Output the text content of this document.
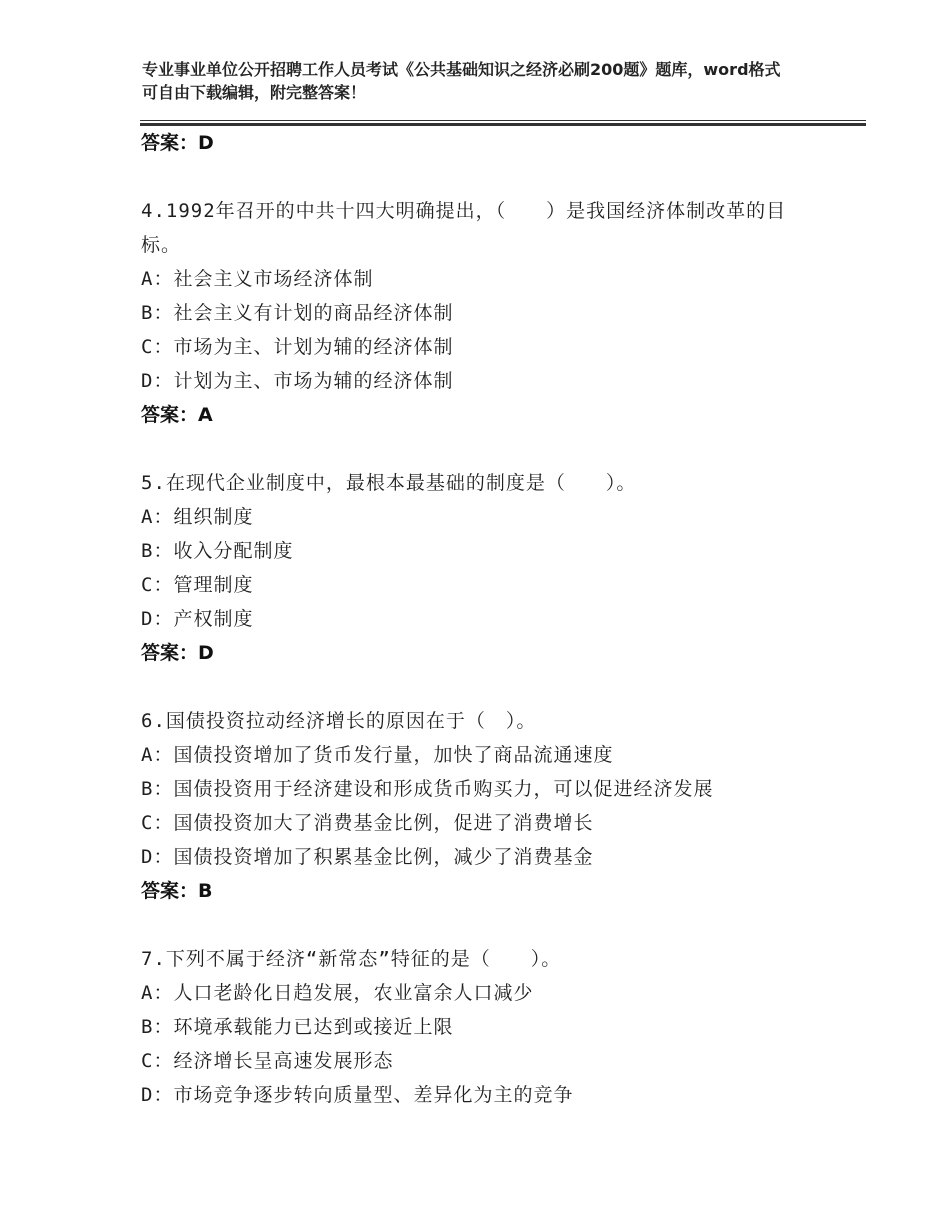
专业事业单位公开招聘工作人员考试《公共基础知识之经济必刷200题》题库，word格式可自由下载编辑，附完整答案！
答案：D
4.1992年召开的中共十四大明确提出，（　　）是我国经济体制改革的目标。
A：社会主义市场经济体制
B：社会主义有计划的商品经济体制
C：市场为主、计划为辅的经济体制
D：计划为主、市场为辅的经济体制
答案：A
5.在现代企业制度中，最根本最基础的制度是（　　）。
A：组织制度
B：收入分配制度
C：管理制度
D：产权制度
答案：D
6.国债投资拉动经济增长的原因在于（　）。
A：国债投资增加了货币发行量，加快了商品流通速度
B：国债投资用于经济建设和形成货币购买力，可以促进经济发展
C：国债投资加大了消费基金比例，促进了消费增长
D：国债投资增加了积累基金比例，减少了消费基金
答案：B
7.下列不属于经济“新常态”特征的是（　　）。
A：人口老龄化日趋发展，农业富余人口减少
B：环境承载能力已达到或接近上限
C：经济增长呈高速发展形态
D：市场竞争逐步转向质量型、差异化为主的竞争
